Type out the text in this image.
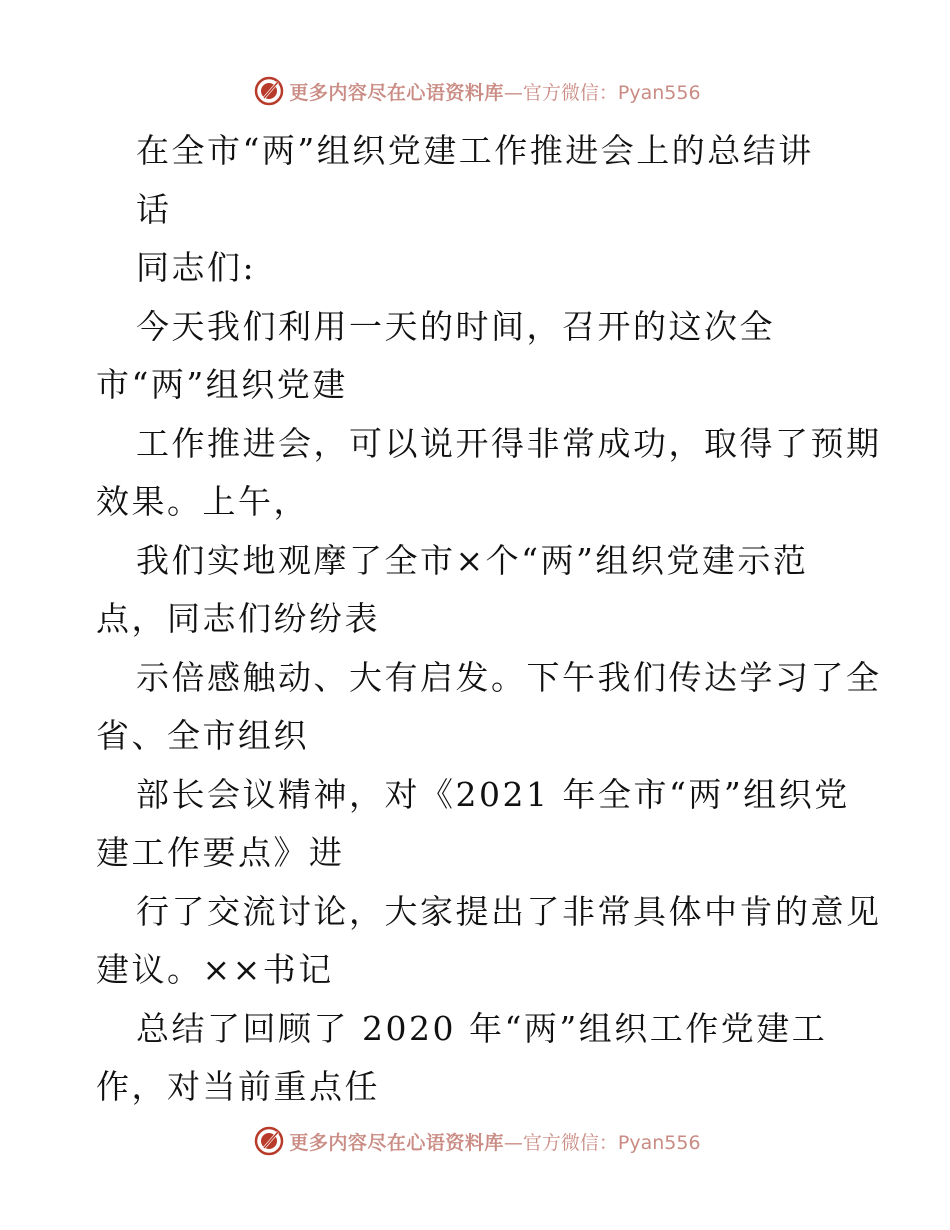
更多内容尽在心语资料库 —官方微信：Pyan556
在全市“两”组织党建工作推进会上的总结讲
话
同志们:
今天我们利用一天的时间，召开的这次全
市“两”组织党建
工作推进会，可以说开得非常成功，取得了预期
效果。上午，
我们实地观摩了全市×个“两”组织党建示范
点，同志们纷纷表
示倍感触动、大有启发。下午我们传达学习了全
省、全市组织
部长会议精神，对《2021 年全市“两”组织党
建工作要点》进
行了交流讨论，大家提出了非常具体中肯的意见
建议。××书记
总结了回顾了 2020 年“两”组织工作党建工
作，对当前重点任
更多内容尽在心语资料库 —官方微信：Pyan556
